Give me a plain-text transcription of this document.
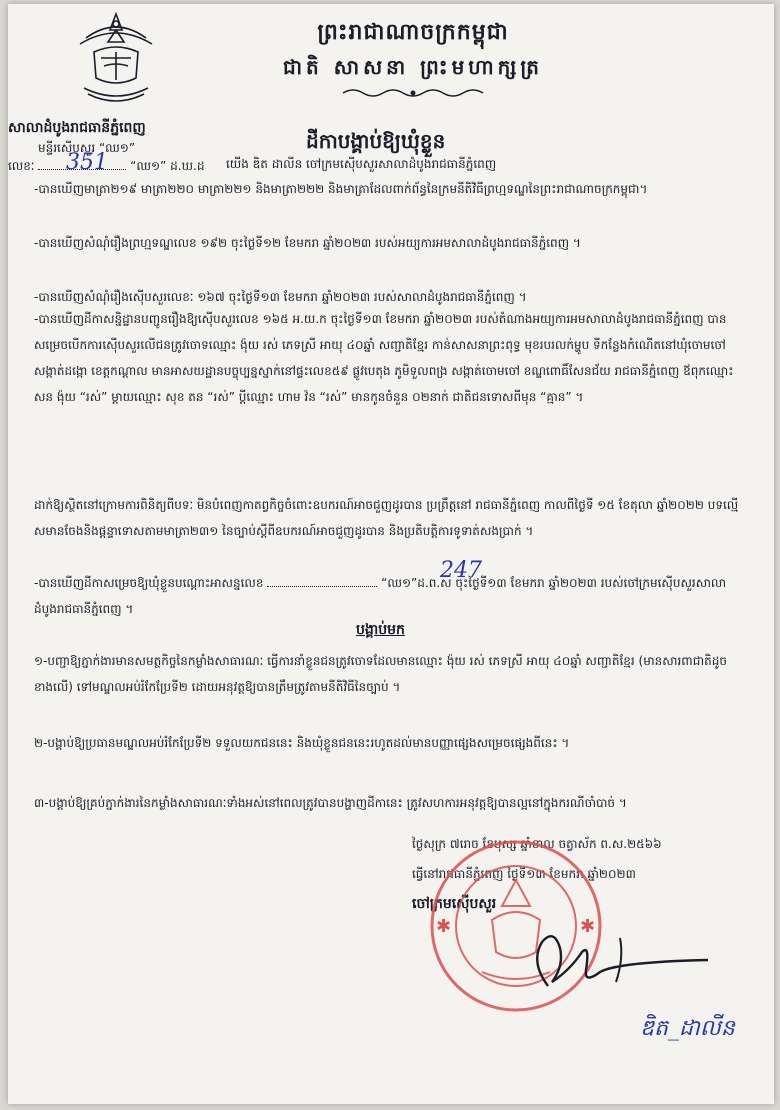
ព្រះរាជាណាចក្រកម្ពុជា
ជាតិ សាសនា ព្រះមហាក្សត្រ
សាលាដំបូងរាជធានីភ្នំពេញ
មន្ទីរស៊ើបសួរ “ឈ១”
លេខៈ	“ឈ១” ដ.ឃ.ដ
351
ដីកាបង្គាប់ឱ្យឃុំខ្លួន
យើង ឌិត ដាលីន ចៅក្រមស៊ើបសួរសាលាដំបូងរាជធានីភ្នំពេញ
-បានឃើញមាត្រា២១៩ មាត្រា២២០ មាត្រា២២១ និងមាត្រា២២២ និងមាត្រាដែលពាក់ព័ន្ធនៃក្រមនីតិវិធីព្រហ្មទណ្ឌនៃព្រះរាជាណាចក្រកម្ពុជា។
-បានឃើញសំណុំរឿងព្រហ្មទណ្ឌលេខ ១៩២ ចុះថ្ងៃទី១២ ខែមករា ឆ្នាំ២០២៣ របស់អយ្យការអមសាលាដំបូងរាជធានីភ្នំពេញ ។
-បានឃើញសំណុំរឿងស៊ើបសួរលេខៈ ១៦៧ ចុះថ្ងៃទី១៣ ខែមករា ឆ្នាំ២០២៣ របស់សាលាដំបូងរាជធានីភ្នំពេញ ។
-បានឃើញដីកាសន្និដ្ឋានបញ្ជូនរឿងឱ្យស៊ើបសួរលេខ ១៦៥ អ.យ.ក ចុះថ្ងៃទី១៣ ខែមករា ឆ្នាំ២០២៣ របស់តំណាងអយ្យការអមសាលាដំបូងរាជធានីភ្នំពេញ បានសម្រេចបើកការស៊ើបសួរលើជនត្រូវចោទឈ្មោះ ង៉ុយ រស់ ភេទស្រី អាយុ ៤០ឆ្នាំ សញ្ជាតិខ្មែរ កាន់សាសនាព្រះពុទ្ធ មុខរបរលក់ម្ហូប ទីកន្លែងកំណើតនៅឃុំចោមចៅ សង្កាត់ដង្កោ ខេត្តកណ្ដាល មានអាសយដ្ឋានបច្ចុប្បន្នស្នាក់នៅផ្ទះលេខ៥៩ ផ្លូវបេតុង ភូមិទួលពង្រ សង្កាត់ចោមចៅ ខណ្ឌពោធិ៍សែនជ័យ រាជធានីភ្នំពេញ ឪពុកឈ្មោះ សន ង៉ុយ “រស់” ម្ដាយឈ្មោះ សុខ តន “រស់” ប្ដីឈ្មោះ ហាម វ៉ន “រស់” មានកូនចំនួន ០២នាក់ ជាតិជនទោសពីមុន “គ្មាន” ។
ដាក់ឱ្យស្ថិតនៅក្រោមការពិនិត្យពីបទៈ មិនបំពេញកាតព្វកិច្ចចំពោះឧបករណ៍អាចជួញដូរបាន ប្រព្រឹត្តនៅ រាជធានីភ្នំពេញ កាលពីថ្ងៃទី ១៥ ខែតុលា ឆ្នាំ២០២២ បទល្មើសមានចែងនិងផ្ដន្ទាទោសតាមមាត្រា២៣១ នៃច្បាប់ស្ដីពីឧបករណ៍អាចជួញដូរបាន និងប្រតិបត្តិការទូទាត់សងប្រាក់ ។
-បានឃើញដីកាសម្រេចឱ្យឃុំខ្លួនបណ្ដោះអាសន្នលេខ	“ឈ១”ដ.ព.ស ចុះថ្ងៃទី១៣ ខែមករា ឆ្នាំ២០២៣ របស់ចៅក្រមស៊ើបសួរសាលាដំបូងរាជធានីភ្នំពេញ ។
247
បង្គាប់មក
១-បញ្ជាឱ្យភ្នាក់ងារមានសមត្ថកិច្ចនៃកម្លាំងសាធារណៈ ធ្វើការនាំខ្លួនជនត្រូវចោទដែលមានឈ្មោះ ង៉ុយ រស់ ភេទស្រី អាយុ ៤០ឆ្នាំ សញ្ជាតិខ្មែរ (មានសារពាជាតិដូចខាងលើ) ទៅមណ្ឌលអប់រំកែប្រែទី២ ដោយអនុវត្តឱ្យបានត្រឹមត្រូវតាមនីតិវិធីនៃច្បាប់ ។
២-បង្គាប់ឱ្យប្រធានមណ្ឌលអប់រំកែប្រែទី២ ទទួលយកជននេះ និងឃុំខ្លួនជននេះរហូតដល់មានបញ្ញាផ្សេងសម្រេចផ្សេងពីនេះ ។
៣-បង្គាប់ឱ្យគ្រប់ភ្នាក់ងារនៃកម្លាំងសាធារណៈទាំងអស់នៅពេលត្រូវបានបង្ហាញដីកានេះ ត្រូវសហការអនុវត្តឱ្យបានល្អនៅក្នុងករណីចាំបាច់ ។
ថ្ងៃសុក្រ ៧រោច ខែបុស្ស ឆ្នាំខាល ចត្វាស័ក ព.ស.២៥៦៦
ធ្វើនៅរាជធានីភ្នំពេញ ថ្ងៃទី១៣ ខែមករា ឆ្នាំ២០២៣
ចៅក្រមស៊ើបសួរ
✱	✱
ឌិត_ដាលីន
